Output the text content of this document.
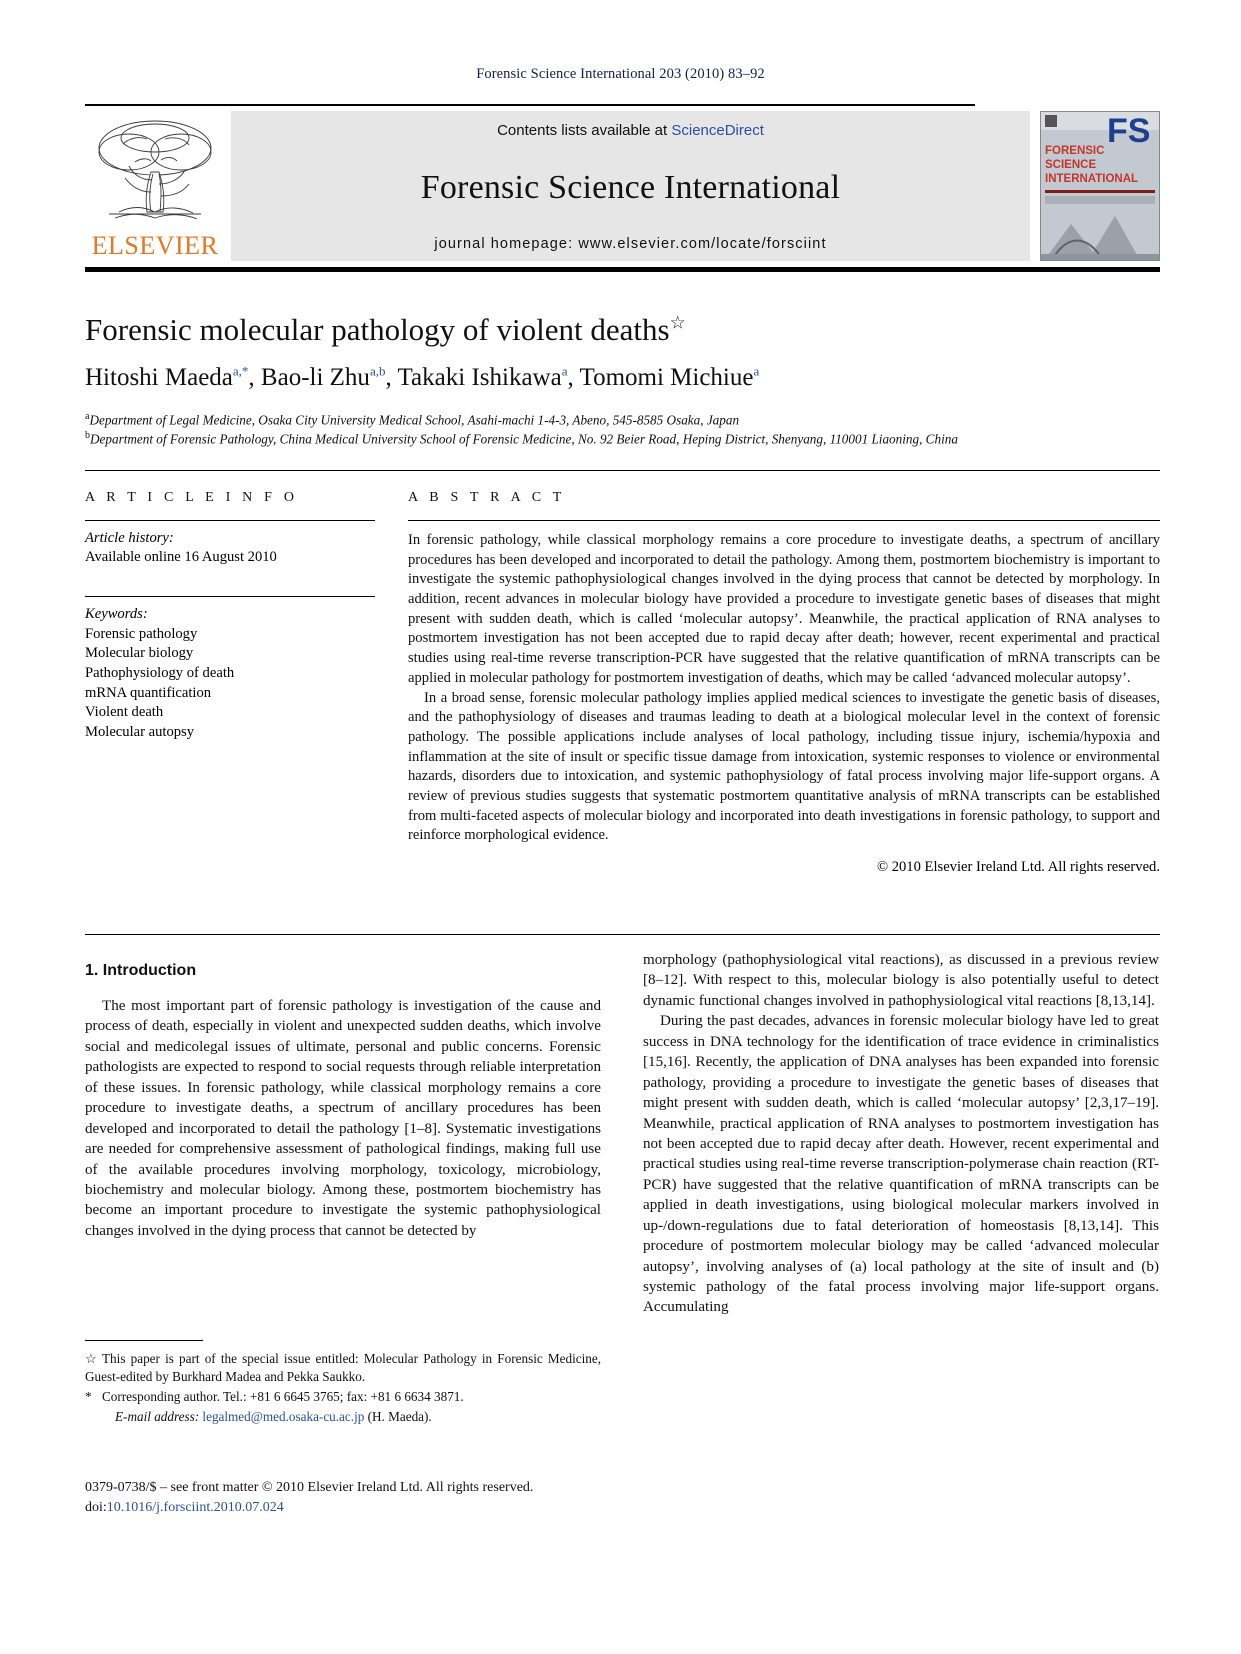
Forensic Science International 203 (2010) 83–92
ELSEVIER
Contents lists available at ScienceDirect
Forensic Science International
journal homepage: www.elsevier.com/locate/forsciint
FS
FORENSIC
SCIENCE
INTERNATIONAL
Forensic molecular pathology of violent deaths☆
Hitoshi Maeda$^{a,*}$, Bao-li Zhu$^{a,b}$, Takaki Ishikawa$^a$, Tomomi Michiue$^a$
$^a$Department of Legal Medicine, Osaka City University Medical School, Asahi-machi 1-4-3, Abeno, 545-8585 Osaka, Japan
$^b$Department of Forensic Pathology, China Medical University School of Forensic Medicine, No. 92 Beier Road, Heping District, Shenyang, 110001 Liaoning, China
A R T I C L E I N F O
Article history:
Available online 16 August 2010
Keywords:
Forensic pathology
Molecular biology
Pathophysiology of death
mRNA quantification
Violent death
Molecular autopsy
A B S T R A C T

In forensic pathology, while classical morphology remains a core procedure to investigate deaths, a spectrum of ancillary procedures has been developed and incorporated to detail the pathology. Among them, postmortem biochemistry is important to investigate the systemic pathophysiological changes involved in the dying process that cannot be detected by morphology. In addition, recent advances in molecular biology have provided a procedure to investigate genetic bases of diseases that might present with sudden death, which is called ‘molecular autopsy’. Meanwhile, the practical application of RNA analyses to postmortem investigation has not been accepted due to rapid decay after death; however, recent experimental and practical studies using real-time reverse transcription-PCR have suggested that the relative quantification of mRNA transcripts can be applied in molecular pathology for postmortem investigation of deaths, which may be called ‘advanced molecular autopsy’.

In a broad sense, forensic molecular pathology implies applied medical sciences to investigate the genetic basis of diseases, and the pathophysiology of diseases and traumas leading to death at a biological molecular level in the context of forensic pathology. The possible applications include analyses of local pathology, including tissue injury, ischemia/hypoxia and inflammation at the site of insult or specific tissue damage from intoxication, systemic responses to violence or environmental hazards, disorders due to intoxication, and systemic pathophysiology of fatal process involving major life-support organs. A review of previous studies suggests that systematic postmortem quantitative analysis of mRNA transcripts can be established from multi-faceted aspects of molecular biology and incorporated into death investigations in forensic pathology, to support and reinforce morphological evidence.

© 2010 Elsevier Ireland Ltd. All rights reserved.
1. Introduction

The most important part of forensic pathology is investigation of the cause and process of death, especially in violent and unexpected sudden deaths, which involve social and medicolegal issues of ultimate, personal and public concerns. Forensic pathologists are expected to respond to social requests through reliable interpretation of these issues. In forensic pathology, while classical morphology remains a core procedure to investigate deaths, a spectrum of ancillary procedures has been developed and incorporated to detail the pathology [1–8]. Systematic investigations are needed for comprehensive assessment of pathological findings, making full use of the available procedures involving morphology, toxicology, microbiology, biochemistry and molecular biology. Among these, postmortem biochemistry has become an important procedure to investigate the systemic pathophysiological changes involved in the dying process that cannot be detected by

morphology (pathophysiological vital reactions), as discussed in a previous review [8–12]. With respect to this, molecular biology is also potentially useful to detect dynamic functional changes involved in pathophysiological vital reactions [8,13,14].

During the past decades, advances in forensic molecular biology have led to great success in DNA technology for the identification of trace evidence in criminalistics [15,16]. Recently, the application of DNA analyses has been expanded into forensic pathology, providing a procedure to investigate the genetic bases of diseases that might present with sudden death, which is called ‘molecular autopsy’ [2,3,17–19]. Meanwhile, practical application of RNA analyses to postmortem investigation has not been accepted due to rapid decay after death. However, recent experimental and practical studies using real-time reverse transcription-polymerase chain reaction (RT-PCR) have suggested that the relative quantification of mRNA transcripts can be applied in death investigations, using biological molecular markers involved in up-/down-regulations due to fatal deterioration of homeostasis [8,13,14]. This procedure of postmortem molecular biology may be called ‘advanced molecular autopsy’, involving analyses of (a) local pathology at the site of insult and (b) systemic pathology of the fatal process involving major life-support organs. Accumulating

☆ This paper is part of the special issue entitled: Molecular Pathology in Forensic Medicine, Guest-edited by Burkhard Madea and Pekka Saukko.

* Corresponding author. Tel.: +81 6 6645 3765; fax: +81 6 6634 3871.

E-mail address: legalmed@med.osaka-cu.ac.jp (H. Maeda).

0379-0738/$ – see front matter © 2010 Elsevier Ireland Ltd. All rights reserved.
doi:10.1016/j.forsciint.2010.07.024
